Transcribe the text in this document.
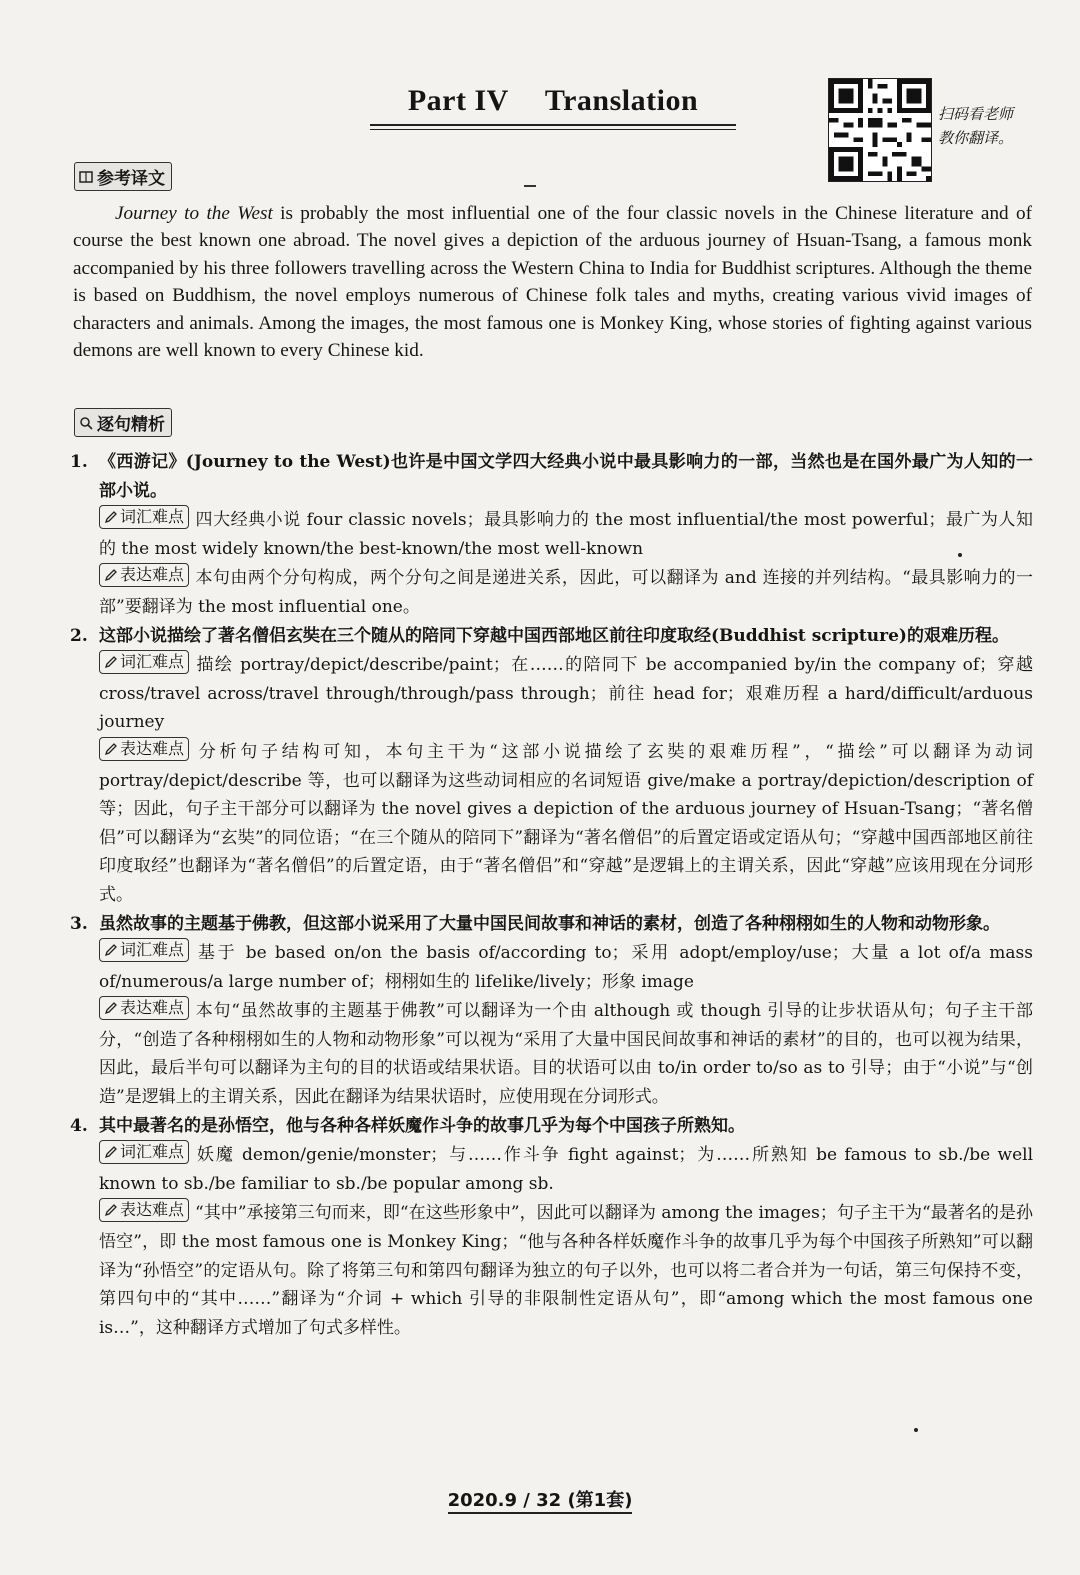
Part IV Translation	扫码看老师
教你翻译。
参考译文

Journey to the West is probably the most influential one of the four classic novels in the Chinese literature and of course the best known one abroad. The novel gives a depiction of the arduous journey of Hsuan-Tsang, a famous monk accompanied by his three followers travelling across the Western China to India for Buddhist scriptures. Although the theme is based on Buddhism, the novel employs numerous of Chinese folk tales and myths, creating various vivid images of characters and animals. Among the images, the most famous one is Monkey King, whose stories of fighting against various demons are well known to every Chinese kid.

逐句精析
1. 《西游记》(Journey to the West)也许是中国文学四大经典小说中最具影响力的一部，当然也是在国外最广为人知的一部小说。
词汇难点 四大经典小说 four classic novels；最具影响力的 the most influential/the most powerful；最广为人知的 the most widely known/the best-known/the most well-known
表达难点 本句由两个分句构成，两个分句之间是递进关系，因此，可以翻译为 and 连接的并列结构。“最具影响力的一部”要翻译为 the most influential one。
2. 这部小说描绘了著名僧侣玄奘在三个随从的陪同下穿越中国西部地区前往印度取经(Buddhist scripture)的艰难历程。
词汇难点 描绘 portray/depict/describe/paint；在……的陪同下 be accompanied by/in the company of；穿越 cross/travel across/travel through/through/pass through；前往 head for；艰难历程 a hard/difficult/arduous journey
表达难点 分析句子结构可知，本句主干为“这部小说描绘了玄奘的艰难历程”，“描绘”可以翻译为动词 portray/depict/describe 等，也可以翻译为这些动词相应的名词短语 give/make a portray/depiction/description of 等；因此，句子主干部分可以翻译为 the novel gives a depiction of the arduous journey of Hsuan-Tsang；“著名僧侣”可以翻译为“玄奘”的同位语；“在三个随从的陪同下”翻译为“著名僧侣”的后置定语或定语从句；“穿越中国西部地区前往印度取经”也翻译为“著名僧侣”的后置定语，由于“著名僧侣”和“穿越”是逻辑上的主谓关系，因此“穿越”应该用现在分词形式。
3. 虽然故事的主题基于佛教，但这部小说采用了大量中国民间故事和神话的素材，创造了各种栩栩如生的人物和动物形象。
词汇难点 基于 be based on/on the basis of/according to；采用 adopt/employ/use；大量 a lot of/a mass of/numerous/a large number of；栩栩如生的 lifelike/lively；形象 image
表达难点 本句“虽然故事的主题基于佛教”可以翻译为一个由 although 或 though 引导的让步状语从句；句子主干部分，“创造了各种栩栩如生的人物和动物形象”可以视为“采用了大量中国民间故事和神话的素材”的目的，也可以视为结果，因此，最后半句可以翻译为主句的目的状语或结果状语。目的状语可以由 to/in order to/so as to 引导；由于“小说”与“创造”是逻辑上的主谓关系，因此在翻译为结果状语时，应使用现在分词形式。
4. 其中最著名的是孙悟空，他与各种各样妖魔作斗争的故事几乎为每个中国孩子所熟知。
词汇难点 妖魔 demon/genie/monster；与……作斗争 fight against；为……所熟知 be famous to sb./be well known to sb./be familiar to sb./be popular among sb.
表达难点 “其中”承接第三句而来，即“在这些形象中”，因此可以翻译为 among the images；句子主干为“最著名的是孙悟空”，即 the most famous one is Monkey King；“他与各种各样妖魔作斗争的故事几乎为每个中国孩子所熟知”可以翻译为“孙悟空”的定语从句。除了将第三句和第四句翻译为独立的句子以外，也可以将二者合并为一句话，第三句保持不变，第四句中的“其中……”翻译为“介词 + which 引导的非限制性定语从句”，即“among which the most famous one is…”，这种翻译方式增加了句式多样性。
2020.9 / 32 (第1套)
